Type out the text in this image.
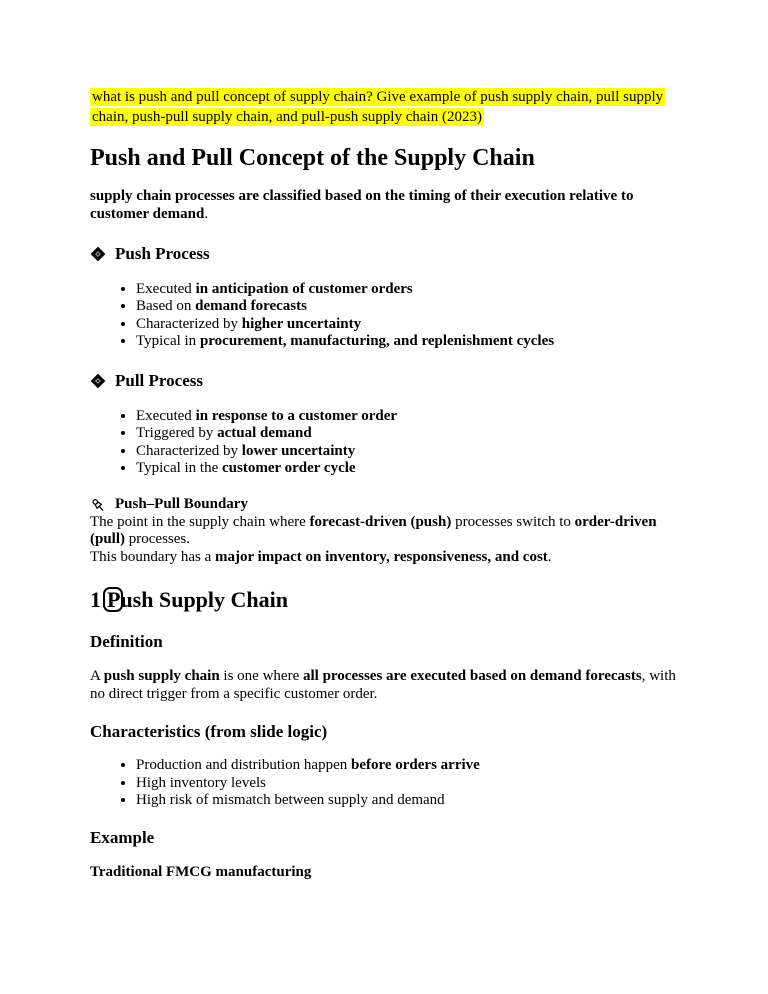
what is push and pull concept of supply chain? Give example of push supply chain, pull supply chain, push-pull supply chain, and pull-push supply chain (2023)

Push and Pull Concept of the Supply Chain

supply chain processes are classified based on the timing of their execution relative to customer demand.

Push Process
• Executed in anticipation of customer orders
• Based on demand forecasts
• Characterized by higher uncertainty
• Typical in procurement, manufacturing, and replenishment cycles
Pull Process
• Executed in response to a customer order
• Triggered by actual demand
• Characterized by lower uncertainty
• Typical in the customer order cycle
Push–Pull Boundary
The point in the supply chain where forecast-driven (push) processes switch to order-driven (pull) processes.
This boundary has a major impact on inventory, responsiveness, and cost.
1 Push Supply Chain
Definition

A push supply chain is one where all processes are executed based on demand forecasts, with no direct trigger from a specific customer order.

Characteristics (from slide logic)
• Production and distribution happen before orders arrive
• High inventory levels
• High risk of mismatch between supply and demand
Example

Traditional FMCG manufacturing
